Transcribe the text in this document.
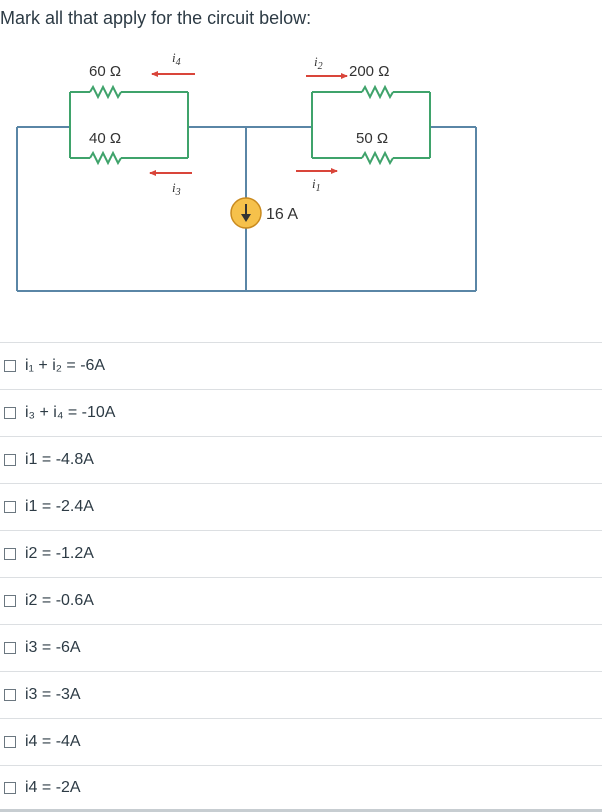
Mark all that apply for the circuit below:
60 Ω
40 Ω
200 Ω
50 Ω
16 A
$i_4$
$i_3$
$i_2$
$i_1$
i₁ + i₂ = -6A
i₃ + i₄ = -10A
i1 = -4.8A
i1 = -2.4A
i2 = -1.2A
i2 = -0.6A
i3 = -6A
i3 = -3A
i4 = -4A
i4 = -2A
